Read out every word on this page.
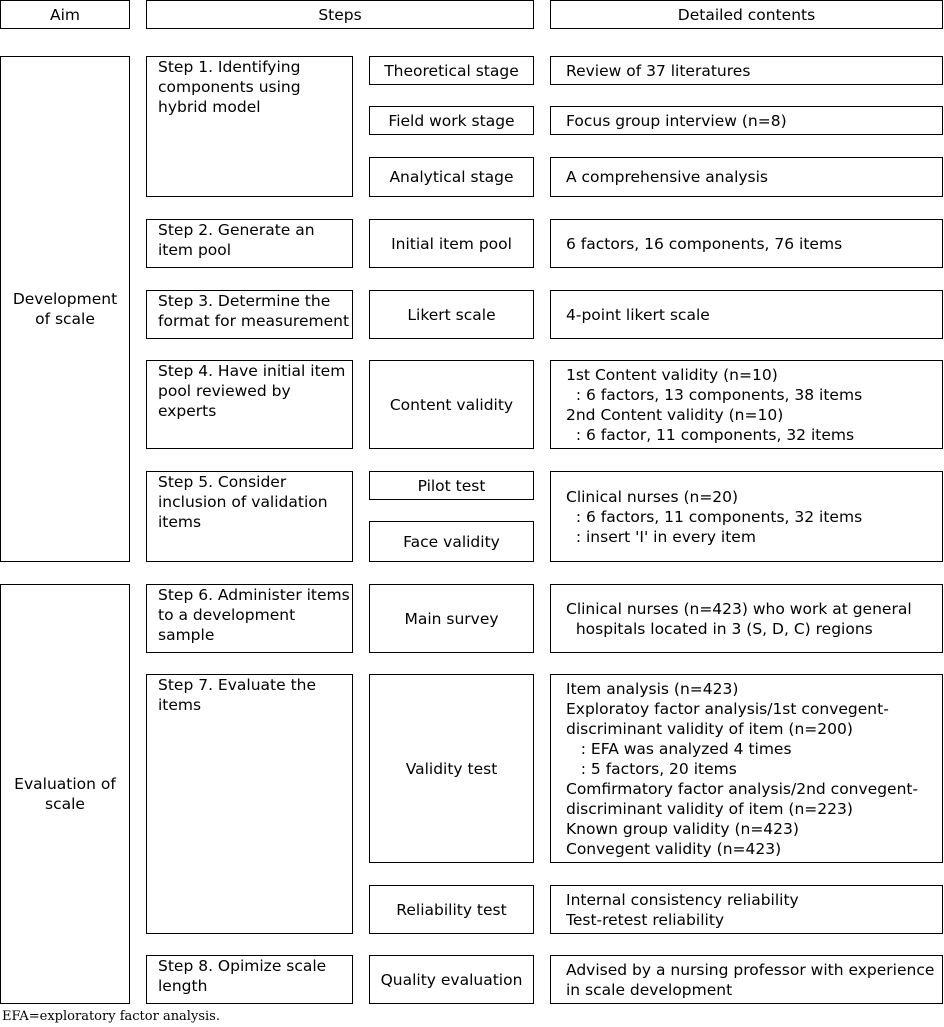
Aim	Steps	Detailed contents
Development
of scale
Evaluation of
scale
Step 1. Identifying
components using
hybrid model
Step 2. Generate an
item pool
Step 3. Determine the
format for measurement
Step 4. Have initial item
pool reviewed by
experts
Step 5. Consider
inclusion of validation
items
Step 6. Administer items
to a development
sample
Step 7. Evaluate the
items
Step 8. Opimize scale
length
Theoretical stage
Field work stage
Analytical stage
Initial item pool
Likert scale
Content validity
Pilot test
Face validity
Main survey
Validity test
Reliability test
Quality evaluation
Review of 37 literatures
Focus group interview (n=8)
A comprehensive analysis
6 factors, 16 components, 76 items
4-point likert scale
1st Content validity (n=10)
: 6 factors, 13 components, 38 items
2nd Content validity (n=10)
: 6 factor, 11 components, 32 items
Clinical nurses (n=20)
: 6 factors, 11 components, 32 items
: insert 'I' in every item
Clinical nurses (n=423) who work at general
hospitals located in 3 (S, D, C) regions
Item analysis (n=423)
Exploratoy factor analysis/1st convegent-
discriminant validity of item (n=200)
: EFA was analyzed 4 times
: 5 factors, 20 items
Comfirmatory factor analysis/2nd convegent-
discriminant validity of item (n=223)
Known group validity (n=423)
Convegent validity (n=423)
Internal consistency reliability
Test-retest reliability
Advised by a nursing professor with experience
in scale development
EFA=exploratory factor analysis.
